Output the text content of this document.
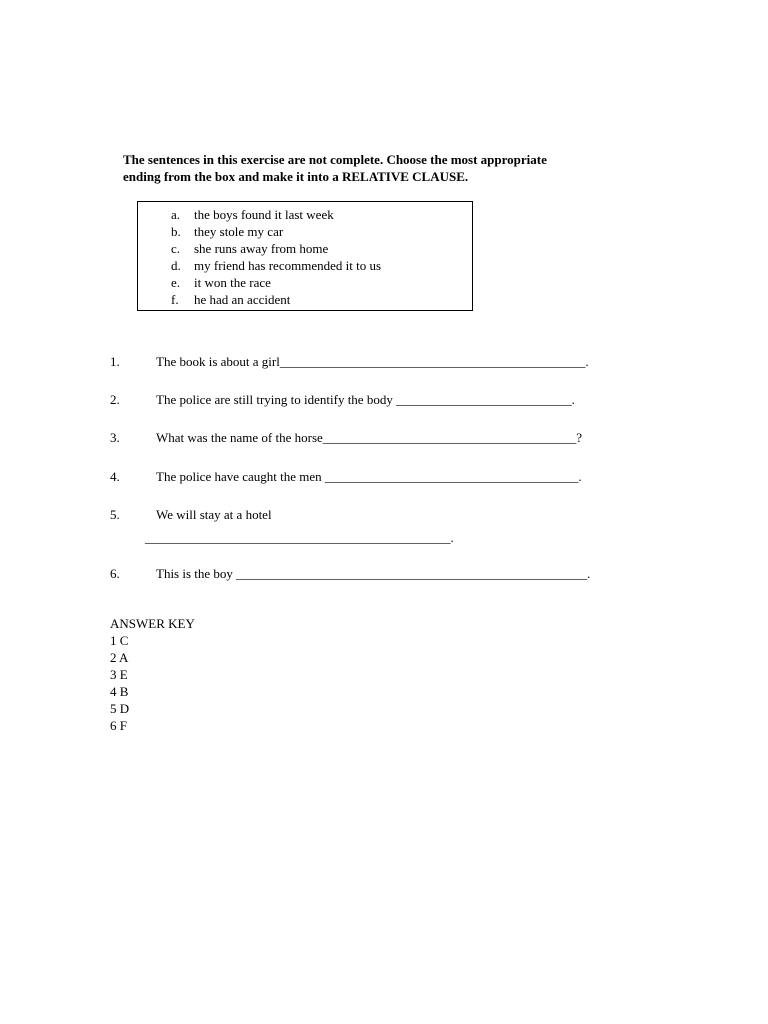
The sentences in this exercise are not complete. Choose the most appropriate
ending from the box and make it into a RELATIVE CLAUSE.
a. the boys found it last week
b. they stole my car
c. she runs away from home
d. my friend has recommended it to us
e. it won the race
f. he had an accident
1.	The book is about a girl_______________________________________________.
2.	The police are still trying to identify the body ___________________________.
3.	What was the name of the horse_______________________________________?
4.	The police have caught the men _______________________________________.
5.	We will stay at a hotel
_______________________________________________.
6.	This is the boy ______________________________________________________.
ANSWER KEY
1 C
2 A
3 E
4 B
5 D
6 F
